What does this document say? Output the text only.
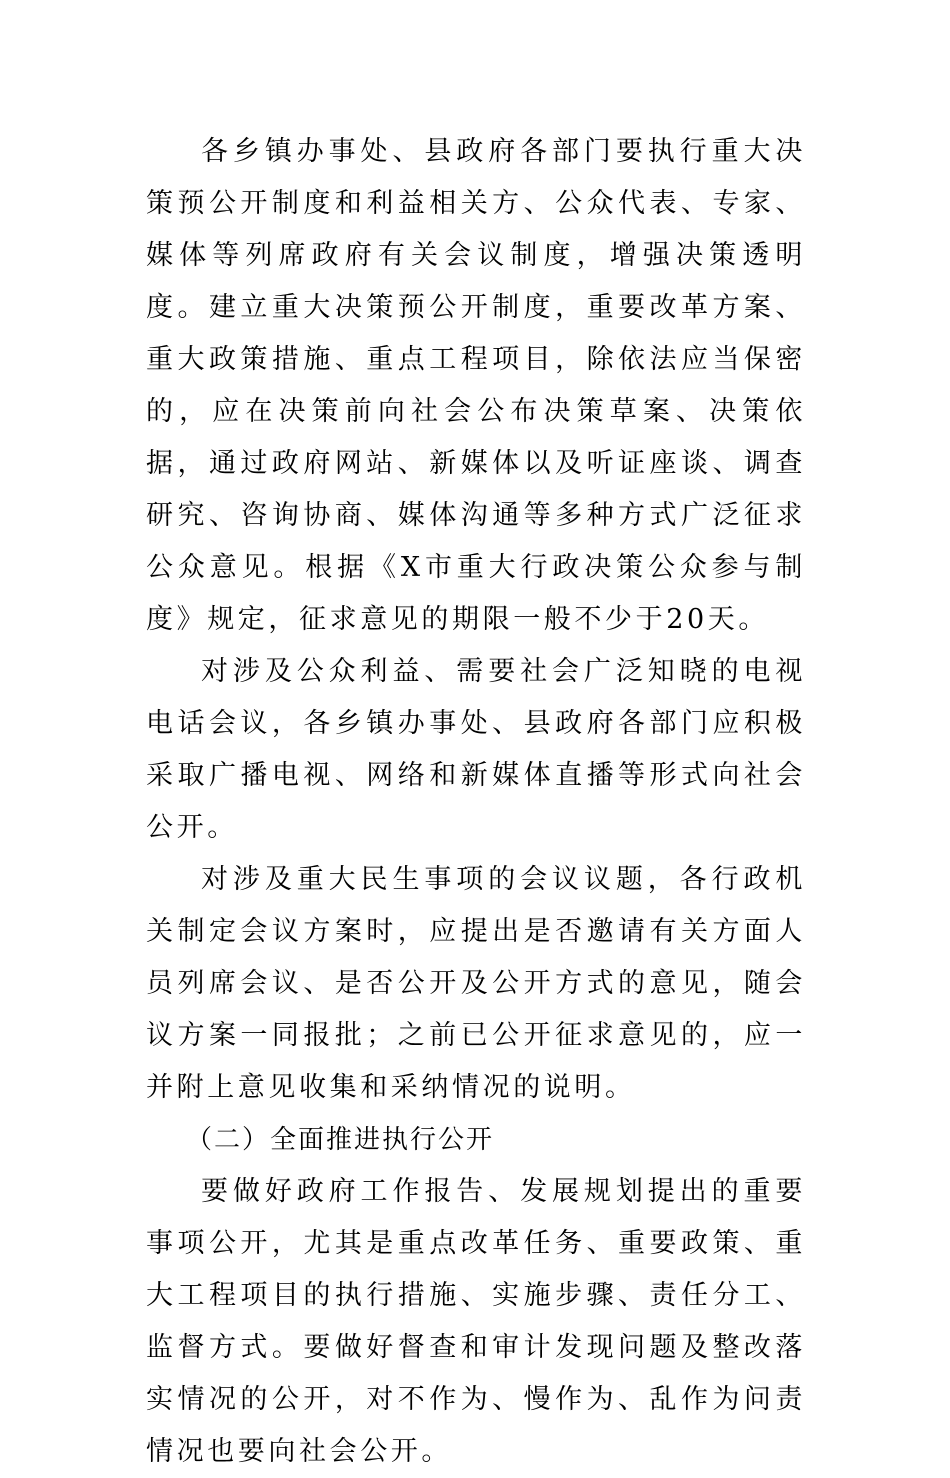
各乡镇办事处、县政府各部门要执行重大决策预公开制度和利益相关方、公众代表、专家、媒体等列席政府有关会议制度，增强决策透明度。建立重大决策预公开制度，重要改革方案、重大政策措施、重点工程项目，除依法应当保密的，应在决策前向社会公布决策草案、决策依据，通过政府网站、新媒体以及听证座谈、调查研究、咨询协商、媒体沟通等多种方式广泛征求公众意见。根据《X市重大行政决策公众参与制度》规定，征求意见的期限一般不少于20天。

对涉及公众利益、需要社会广泛知晓的电视电话会议，各乡镇办事处、县政府各部门应积极采取广播电视、网络和新媒体直播等形式向社会公开。

对涉及重大民生事项的会议议题，各行政机关制定会议方案时，应提出是否邀请有关方面人员列席会议、是否公开及公开方式的意见，随会议方案一同报批；之前已公开征求意见的，应一并附上意见收集和采纳情况的说明。

（二）全面推进执行公开

要做好政府工作报告、发展规划提出的重要事项公开，尤其是重点改革任务、重要政策、重大工程项目的执行措施、实施步骤、责任分工、监督方式。要做好督查和审计发现问题及整改落实情况的公开，对不作为、慢作为、乱作为问责情况也要向社会公开。
